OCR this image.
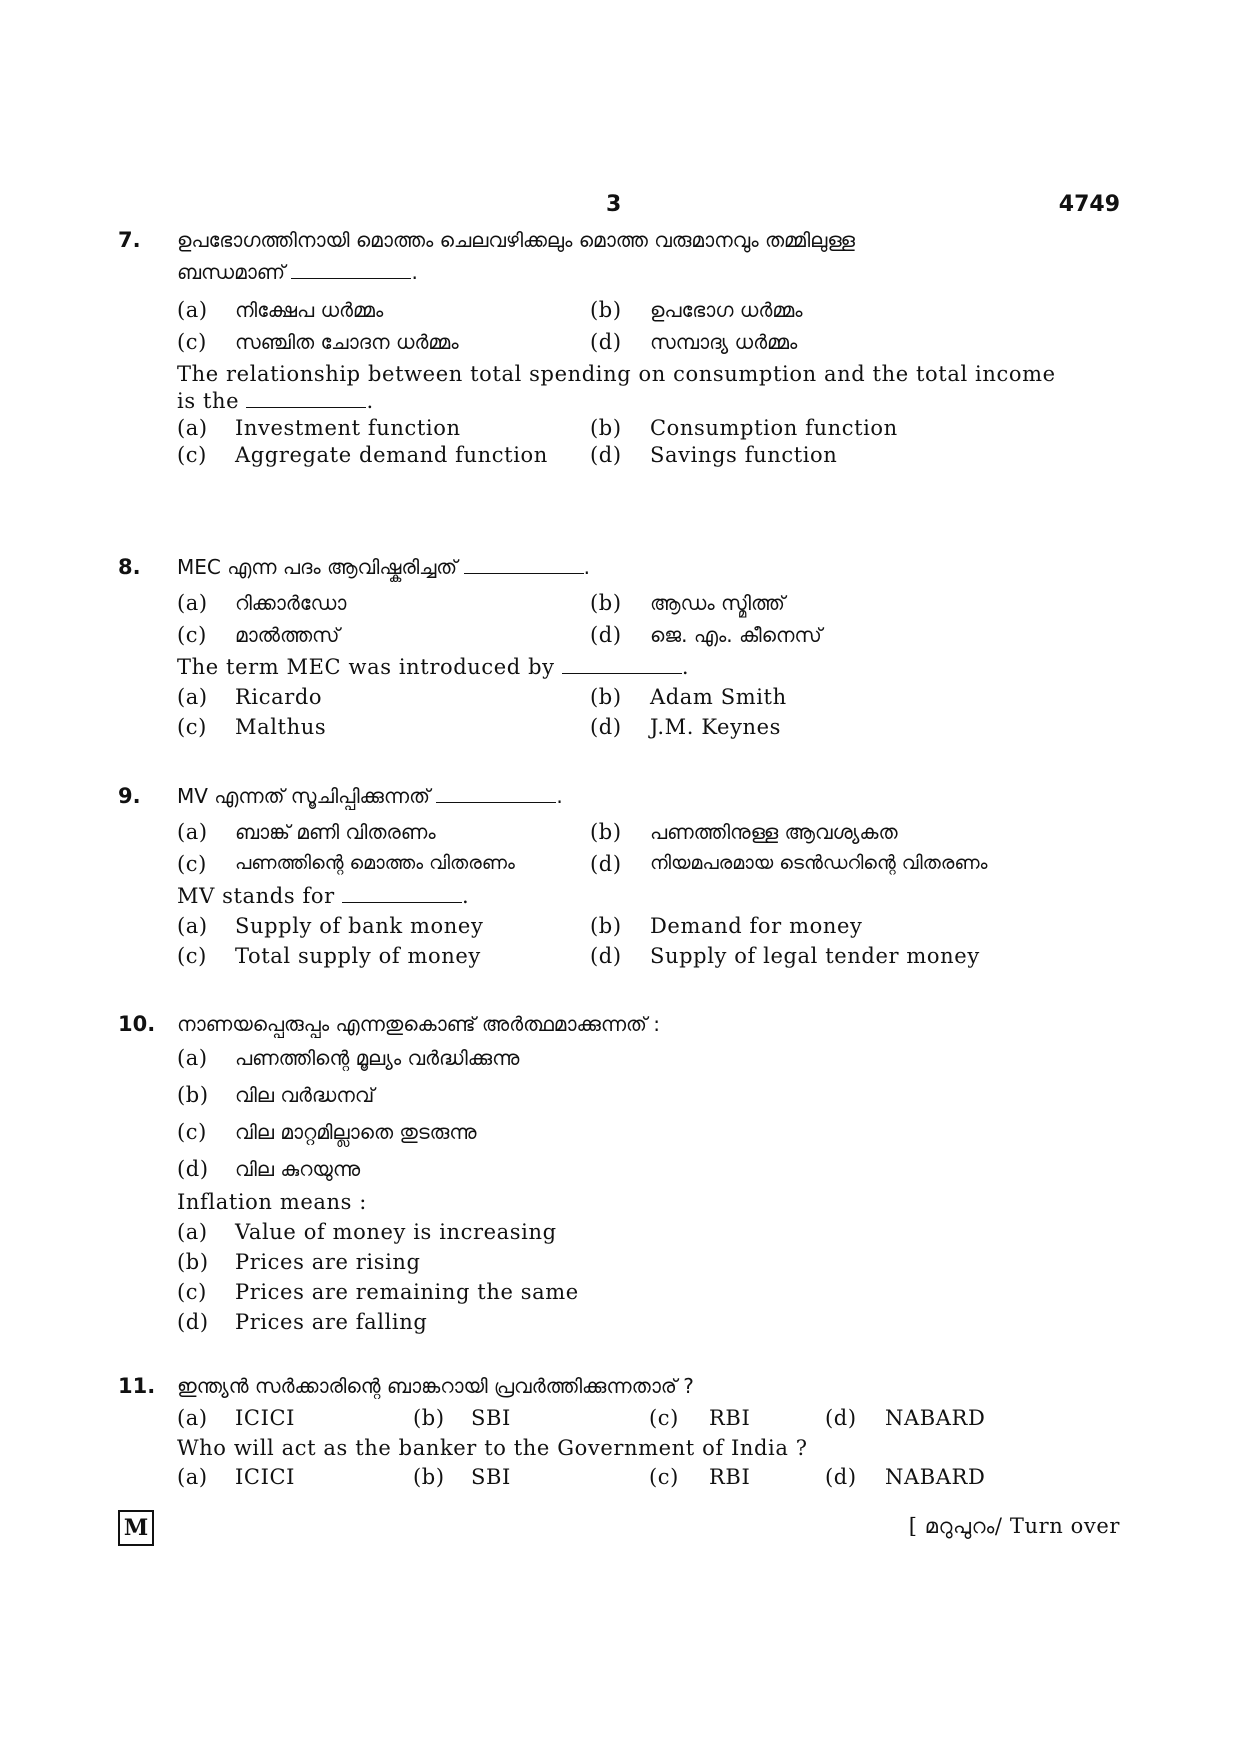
3	4749
7. ഉപഭോഗത്തിനായി മൊത്തം ചെലവഴിക്കലും മൊത്ത വരുമാനവും തമ്മിലുള്ള
ബന്ധമാണ്	.
(a) നിക്ഷേപ ധർമ്മം	(b) ഉപഭോഗ ധർമ്മം
(c) സഞ്ചിത ചോദന ധർമ്മം	(d) സമ്പാദ്യ ധർമ്മം
The relationship between total spending on consumption and the total income
is the	.
(a) Investment function	(b) Consumption function
(c) Aggregate demand function (d) Savings function
8. MEC എന്ന പദം ആവിഷ്കരിച്ചത്	.
(a) റിക്കാർഡോ	(b) ആഡം സ്മിത്ത്
(c) മാൽത്തസ്	(d) ജെ. എം. കീനെസ്
The term MEC was introduced by	.
(a) Ricardo	(b) Adam Smith
(c) Malthus	(d) J.M. Keynes
9. MV എന്നത് സൂചിപ്പിക്കുന്നത്	.
(a) ബാങ്ക് മണി വിതരണം	(b) പണത്തിനുള്ള ആവശ്യകത
(c) പണത്തിന്റെ മൊത്തം വിതരണം	(d) നിയമപരമായ ടെൻഡറിന്റെ വിതരണം
MV stands for	.
(a) Supply of bank money	(b) Demand for money
(c) Total supply of money	(d) Supply of legal tender money
10. നാണയപ്പെരുപ്പം എന്നതുകൊണ്ട് അർത്ഥമാക്കുന്നത് :
(a) പണത്തിന്റെ മൂല്യം വർദ്ധിക്കുന്നു
(b) വില വർദ്ധനവ്
(c) വില മാറ്റമില്ലാതെ തുടരുന്നു
(d) വില കുറയുന്നു
Inflation means :
(a) Value of money is increasing
(b) Prices are rising
(c) Prices are remaining the same
(d) Prices are falling
11. ഇന്ത്യൻ സർക്കാരിന്റെ ബാങ്കറായി പ്രവർത്തിക്കുന്നതാര് ?
(a) ICICI	(b) SBI	(c) RBI	(d) NABARD
Who will act as the banker to the Government of India ?
(a) ICICI	(b) SBI	(c) RBI	(d) NABARD
M	[ മറുപുറം/ Turn over
